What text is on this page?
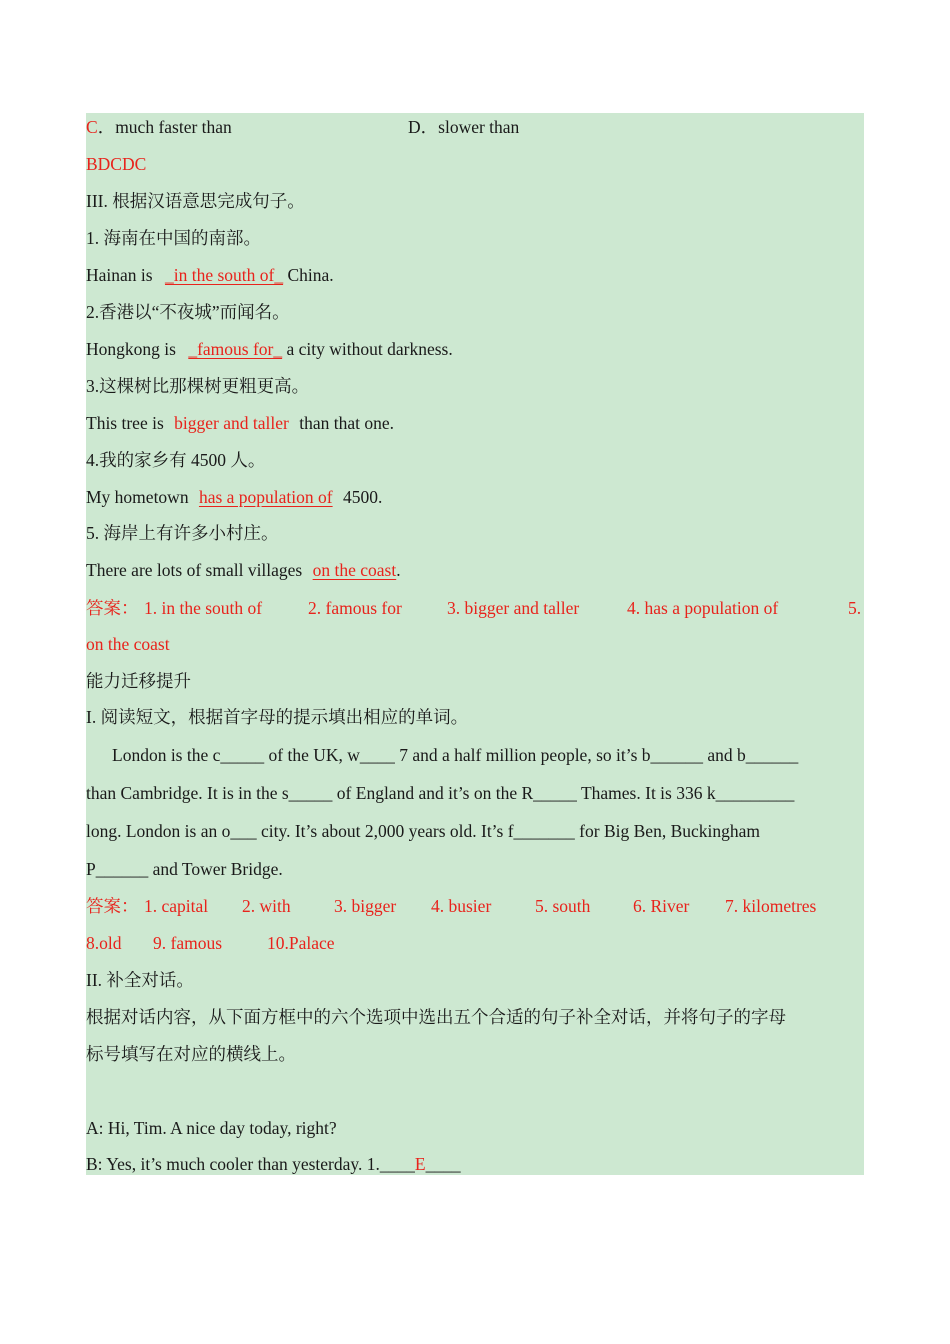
C．much faster than	D．slower than
BDCDC
III. 根据汉语意思完成句子。
1. 海南在中国的南部。
Hainan is _in the south of_ China.
2.香港以“不夜城”而闻名。
Hongkong is _famous for_ a city without darkness.
3.这棵树比那棵树更粗更高。
This tree is bigger and taller than that one.
4.我的家乡有 4500 人。
My hometown has a population of 4500.
5. 海岸上有许多小村庄。
There are lots of small villages on the coast.
答案： 1. in the south of	2. famous for	3. bigger and taller	4. has a population of	5.
on the coast
能力迁移提升
I. 阅读短文，根据首字母的提示填出相应的单词。
London is the c_____ of the UK, w____ 7 and a half million people, so it’s b______ and b______
than Cambridge. It is in the s_____ of England and it’s on the R_____ Thames. It is 336 k_________
long. London is an o___ city. It’s about 2,000 years old. It’s f_______ for Big Ben, Buckingham
P______ and Tower Bridge.
答案： 1. capital 2. with 3. bigger 4. busier 5. south 6. River 7. kilometres
8.old 9. famous	10.Palace
II. 补全对话。
根据对话内容，从下面方框中的六个选项中选出五个合适的句子补全对话，并将句子的字母
标号填写在对应的横线上。
A: Hi, Tim. A nice day today, right?
B: Yes, it’s much cooler than yesterday. 1.____E____
